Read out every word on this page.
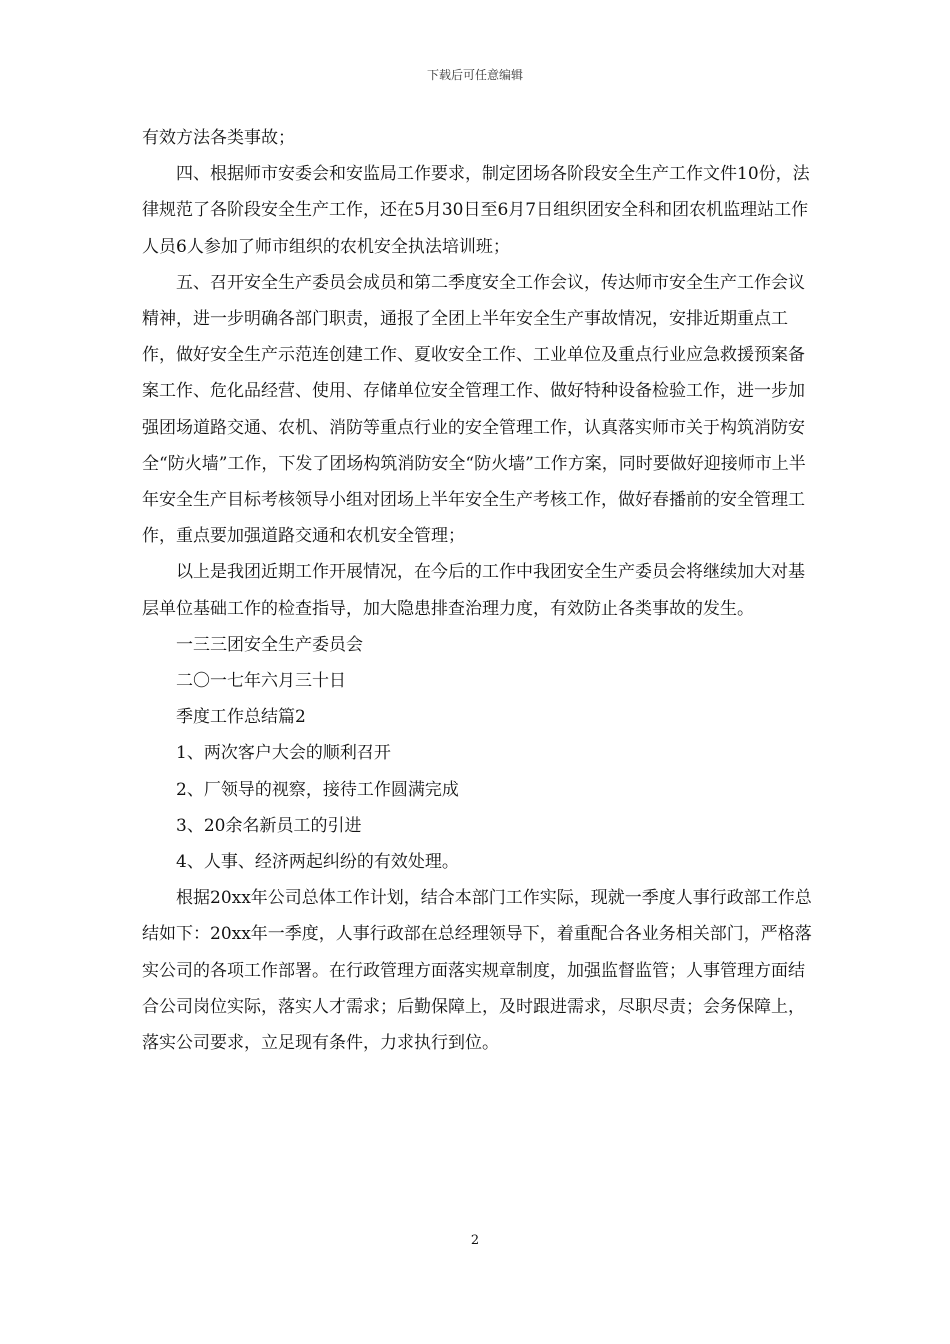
下载后可任意编辑

有效方法各类事故；

四、根据师市安委会和安监局工作要求，制定团场各阶段安全生产工作文件10份，法律规范了各阶段安全生产工作，还在5月30日至6月7日组织团安全科和团农机监理站工作人员6人参加了师市组织的农机安全执法培训班；

五、召开安全生产委员会成员和第二季度安全工作会议，传达师市安全生产工作会议精神，进一步明确各部门职责，通报了全团上半年安全生产事故情况，安排近期重点工作，做好安全生产示范连创建工作、夏收安全工作、工业单位及重点行业应急救援预案备案工作、危化品经营、使用、存储单位安全管理工作、做好特种设备检验工作，进一步加强团场道路交通、农机、消防等重点行业的安全管理工作，认真落实师市关于构筑消防安全“防火墙”工作，下发了团场构筑消防安全“防火墙”工作方案，同时要做好迎接师市上半年安全生产目标考核领导小组对团场上半年安全生产考核工作，做好春播前的安全管理工作，重点要加强道路交通和农机安全管理；

以上是我团近期工作开展情况，在今后的工作中我团安全生产委员会将继续加大对基层单位基础工作的检查指导，加大隐患排查治理力度，有效防止各类事故的发生。

一三三团安全生产委员会

二〇一七年六月三十日

季度工作总结篇2

1、两次客户大会的顺利召开

2、厂领导的视察，接待工作圆满完成

3、20余名新员工的引进

4、人事、经济两起纠纷的有效处理。

根据20xx年公司总体工作计划，结合本部门工作实际，现就一季度人事行政部工作总结如下：20xx年一季度，人事行政部在总经理领导下，着重配合各业务相关部门，严格落实公司的各项工作部署。在行政管理方面落实规章制度，加强监督监管；人事管理方面结合公司岗位实际，落实人才需求；后勤保障上，及时跟进需求，尽职尽责；会务保障上，落实公司要求，立足现有条件，力求执行到位。

2
